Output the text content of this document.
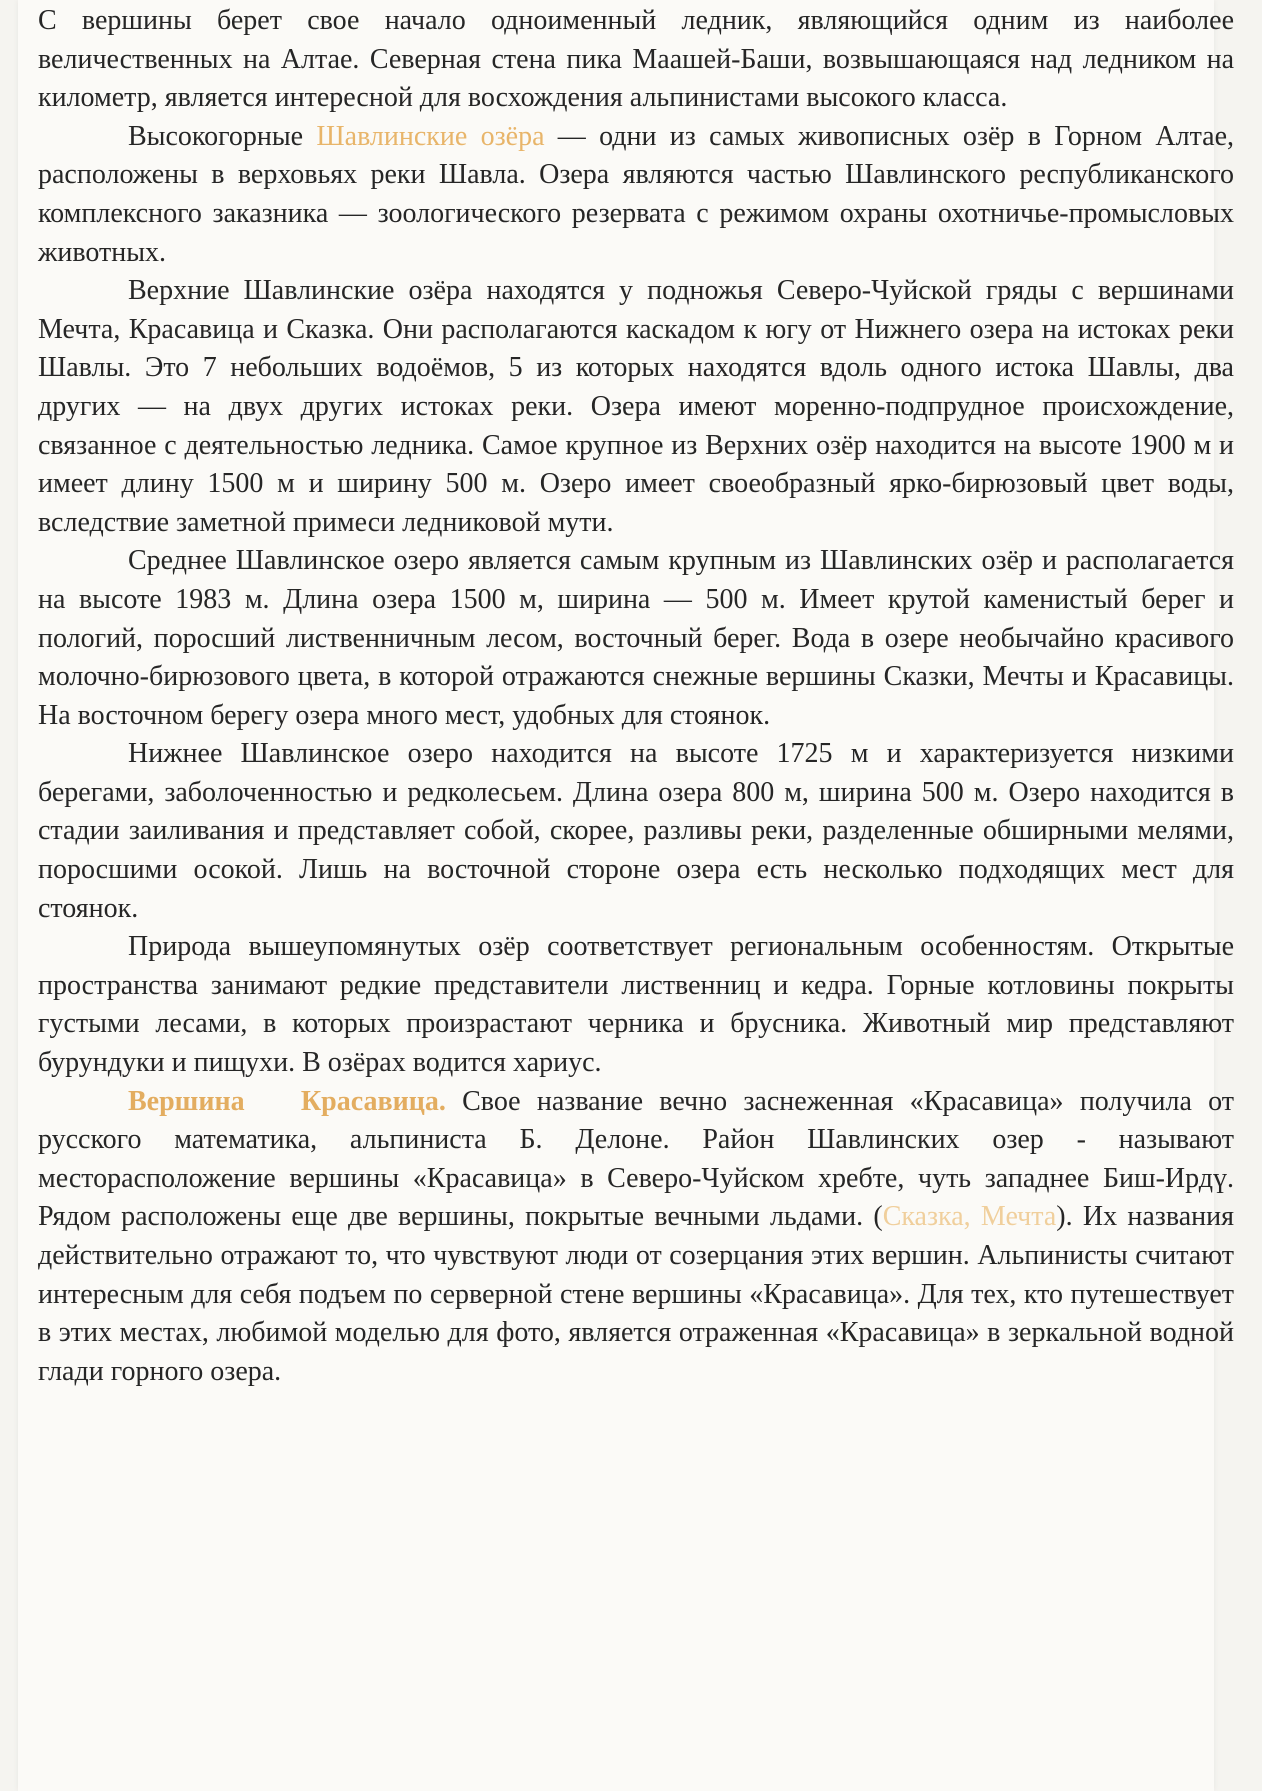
С вершины берет свое начало одноименный ледник, являющийся одним из наиболее величественных на Алтае. Северная стена пика Маашей-Баши, возвышающаяся над ледником на километр, является интересной для восхождения альпинистами высокого класса.

Высокогорные Шавлинские озёра — одни из самых живописных озёр в Горном Алтае, расположены в верховьях реки Шавла. Озера являются частью Шавлинского республиканского комплексного заказника — зоологического резервата с режимом охраны охотничье-промысловых животных.

Верхние Шавлинские озёра находятся у подножья Северо-Чуйской гряды с вершинами Мечта, Красавица и Сказка. Они располагаются каскадом к югу от Нижнего озера на истоках реки Шавлы. Это 7 небольших водоёмов, 5 из которых находятся вдоль одного истока Шавлы, два других — на двух других истоках реки. Озера имеют моренно-подпрудное происхождение, связанное с деятельностью ледника. Самое крупное из Верхних озёр находится на высоте 1900 м и имеет длину 1500 м и ширину 500 м. Озеро имеет своеобразный ярко-бирюзовый цвет воды, вследствие заметной примеси ледниковой мути.

Среднее Шавлинское озеро является самым крупным из Шавлинских озёр и располагается на высоте 1983 м. Длина озера 1500 м, ширина — 500 м. Имеет крутой каменистый берег и пологий, поросший лиственничным лесом, восточный берег. Вода в озере необычайно красивого молочно-бирюзового цвета, в которой отражаются снежные вершины Сказки, Мечты и Красавицы. На восточном берегу озера много мест, удобных для стоянок.

Нижнее Шавлинское озеро находится на высоте 1725 м и характеризуется низкими берегами, заболоченностью и редколесьем. Длина озера 800 м, ширина 500 м. Озеро находится в стадии заиливания и представляет собой, скорее, разливы реки, разделенные обширными мелями, поросшими осокой. Лишь на восточной стороне озера есть несколько подходящих мест для стоянок.

Природа вышеупомянутых озёр соответствует региональным особенностям. Открытые пространства занимают редкие представители лиственниц и кедра. Горные котловины покрыты густыми лесами, в которых произрастают черника и брусника. Животный мир представляют бурундуки и пищухи. В озёрах водится хариус.

Вершина Красавица. Свое название вечно заснеженная «Красавица» получила от русского математика, альпиниста Б. Делоне. Район Шавлинских озер - называют месторасположение вершины «Красавица» в Северо-Чуйском хребте, чуть западнее Биш-Ирдү. Рядом расположены еще две вершины, покрытые вечными льдами. (Сказка, Мечта). Их названия действительно отражают то, что чувствуют люди от созерцания этих вершин. Альпинисты считают интересным для себя подъем по серверной стене вершины «Красавица». Для тех, кто путешествует в этих местах, любимой моделью для фото, является отраженная «Красавица» в зеркальной водной глади горного озера.
